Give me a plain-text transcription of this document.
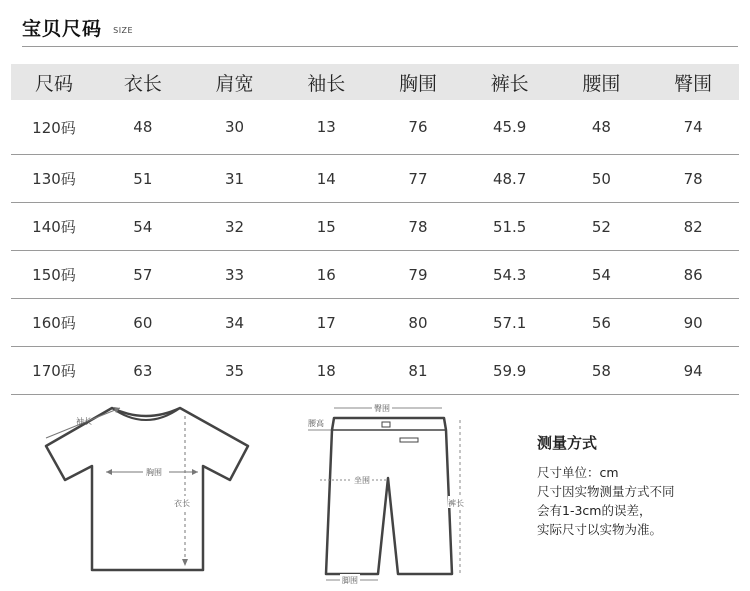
宝贝尺码 SIZE
尺码	衣长	肩宽	袖长	胸围	裤长	腰围	臀围
120码	48	30	13	76	45.9	48	74
130码	51	31	14	77	48.7	50	78
140码	54	32	15	78	51.5	52	82
150码	57	33	16	79	54.3	54	86
160码	60	34	17	80	57.1	56	90
170码	63	35	18	81	59.9	58	94
袖长
胸围
衣长
臀围
腰高
坐围
裤长
脚围
测量方式
尺寸单位：cm
尺寸因实物测量方式不同
会有1-3cm的误差，
实际尺寸以实物为准。
